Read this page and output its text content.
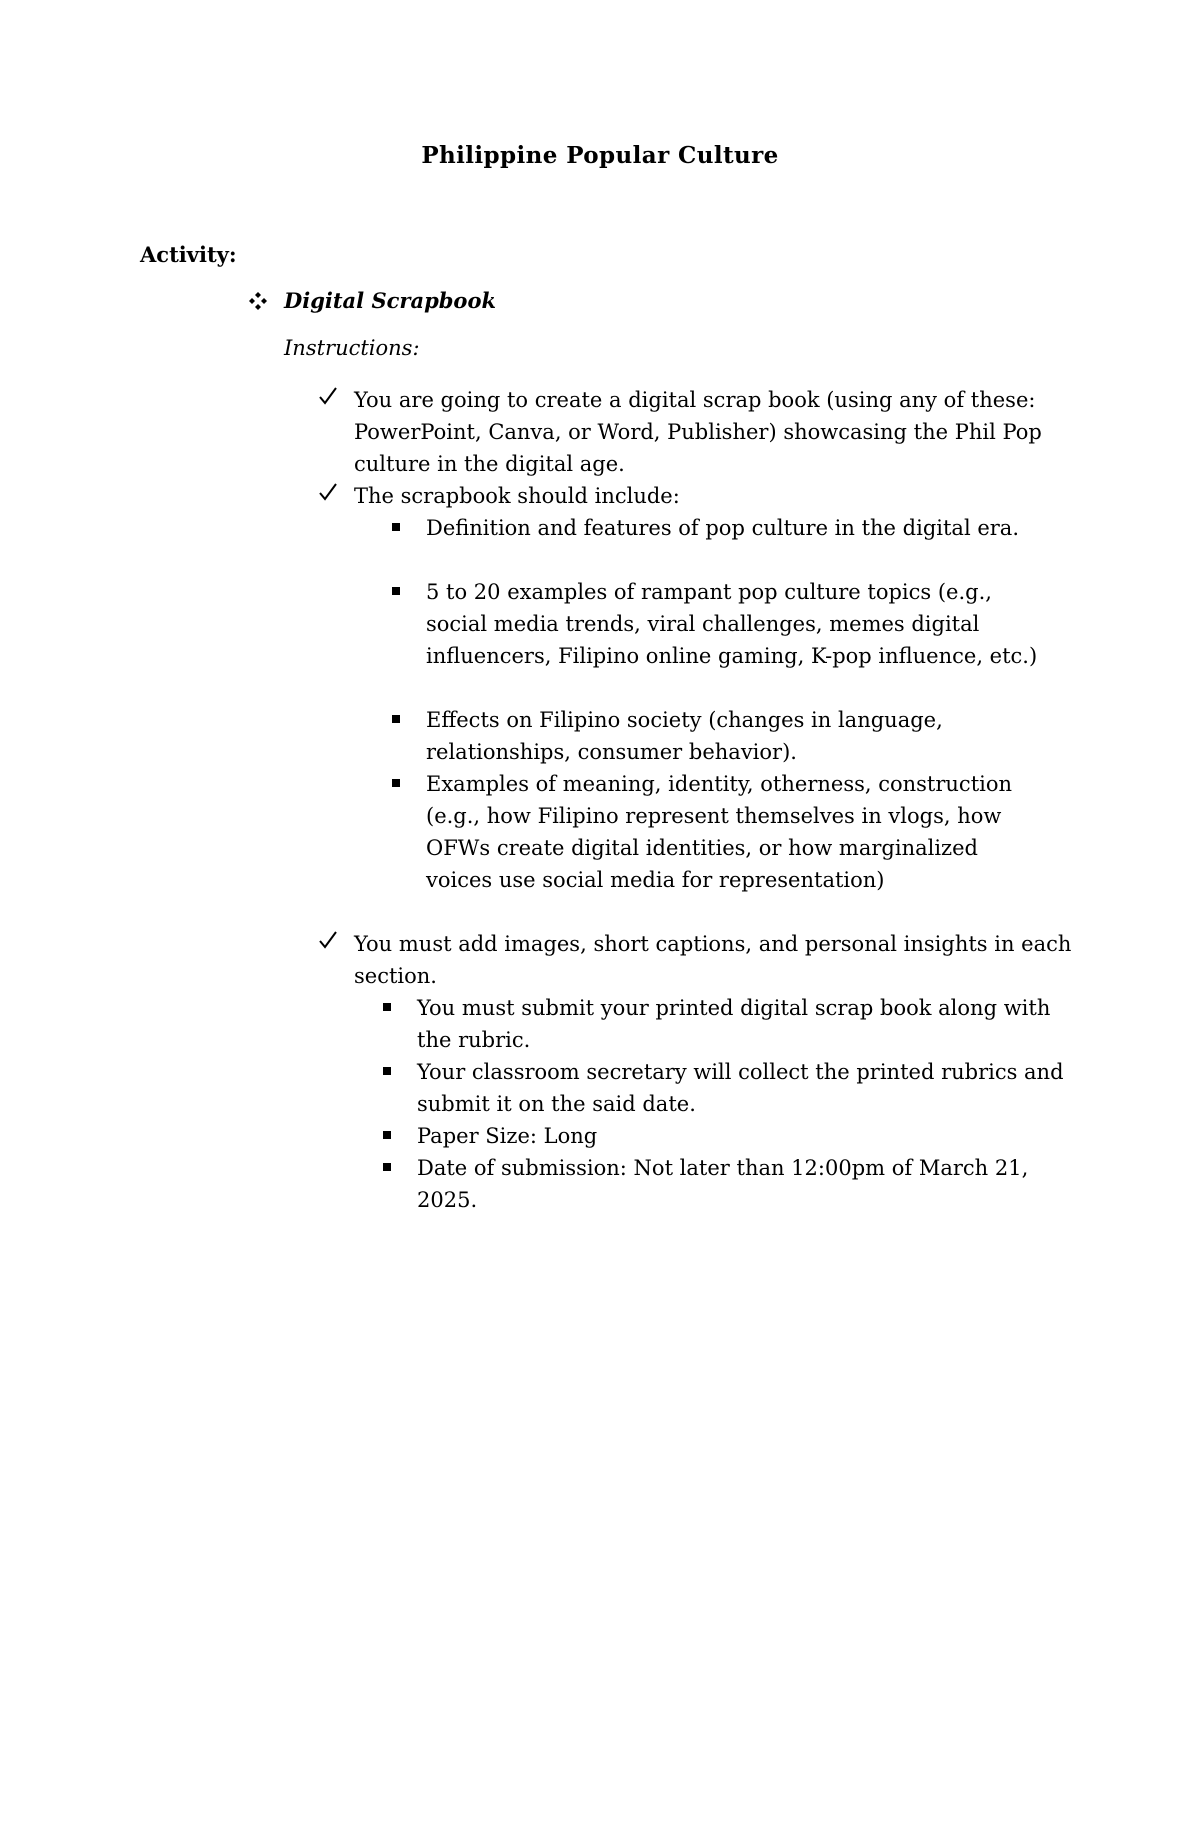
Philippine Popular Culture
Activity:
Digital Scrapbook
Instructions:
You are going to create a digital scrap book (using any of these: PowerPoint, Canva, or Word, Publisher) showcasing the Phil Pop culture in the digital age.
The scrapbook should include:
Definition and features of pop culture in the digital era.
5 to 20 examples of rampant pop culture topics (e.g., social media trends, viral challenges, memes digital influencers, Filipino online gaming, K-pop influence, etc.)
Effects on Filipino society (changes in language, relationships, consumer behavior).
Examples of meaning, identity, otherness, construction (e.g., how Filipino represent themselves in vlogs, how OFWs create digital identities, or how marginalized voices use social media for representation)
You must add images, short captions, and personal insights in each section.
You must submit your printed digital scrap book along with the rubric.
Your classroom secretary will collect the printed rubrics and submit it on the said date.
Paper Size: Long
Date of submission: Not later than 12:00pm of March 21, 2025.
